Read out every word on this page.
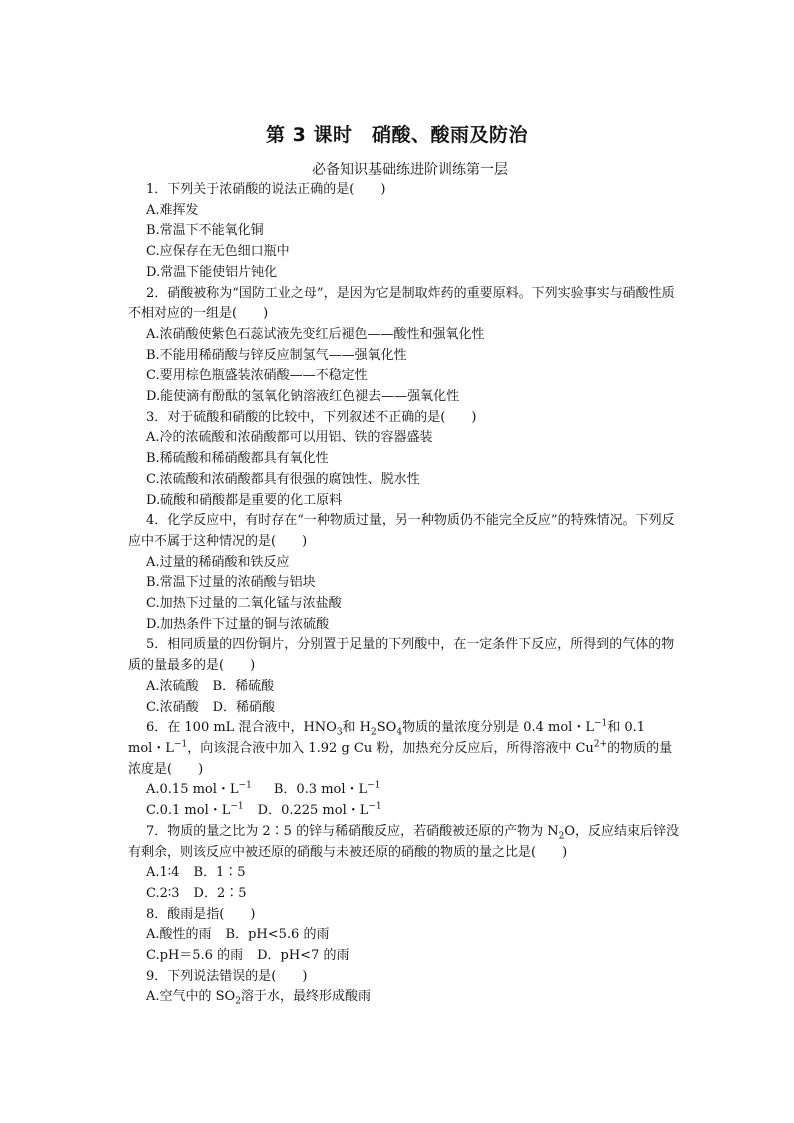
第 3 课时　硝酸、酸雨及防治
必备知识基础练进阶训练第一层

1．下列关于浓硝酸的说法正确的是(　　)

A.难挥发

B.常温下不能氧化铜

C.应保存在无色细口瓶中

D.常温下能使铝片钝化

2．硝酸被称为“国防工业之母”，是因为它是制取炸药的重要原料。下列实验事实与硝酸性质不相对应的一组是(　　)

A.浓硝酸使紫色石蕊试液先变红后褪色——酸性和强氧化性

B.不能用稀硝酸与锌反应制氢气——强氧化性

C.要用棕色瓶盛装浓硝酸——不稳定性

D.能使滴有酚酞的氢氧化钠溶液红色褪去——强氧化性

3．对于硫酸和硝酸的比较中，下列叙述不正确的是(　　)

A.冷的浓硫酸和浓硝酸都可以用铝、铁的容器盛装

B.稀硫酸和稀硝酸都具有氧化性

C.浓硫酸和浓硝酸都具有很强的腐蚀性、脱水性

D.硫酸和硝酸都是重要的化工原料

4．化学反应中，有时存在“一种物质过量，另一种物质仍不能完全反应”的特殊情况。下列反应中不属于这种情况的是(　　)

A.过量的稀硝酸和铁反应

B.常温下过量的浓硝酸与铝块

C.加热下过量的二氧化锰与浓盐酸

D.加热条件下过量的铜与浓硫酸

5．相同质量的四份铜片，分别置于足量的下列酸中，在一定条件下反应，所得到的气体的物质的量最多的是(　　)

A.浓硫酸 B．稀硫酸

C.浓硝酸 D．稀硝酸

6．在 100 mL 混合液中，$HNO_3$和 $H_2SO_4$物质的量浓度分别是 0.4 mol・$L^{-1}$和 0.1 mol・$L^{-1}$，向该混合液中加入 1.92 g Cu 粉，加热充分反应后，所得溶液中 $Cu^{2+}$的物质的量浓度是(　　)

A.0.15 mol・$L^{-1}$ B．0.3 mol・$L^{-1}$

C.0.1 mol・$L^{-1}$ D．0.225 mol・$L^{-1}$

7．物质的量之比为 2∶5 的锌与稀硝酸反应，若硝酸被还原的产物为 $N_2O$，反应结束后锌没有剩余，则该反应中被还原的硝酸与未被还原的硝酸的物质的量之比是(　　)

A.1∶4 B．1∶5

C.2∶3 D．2∶5

8．酸雨是指(　　)

A.酸性的雨 B．pH<5.6 的雨

C.pH＝5.6 的雨 D．pH<7 的雨

9．下列说法错误的是(　　)

A.空气中的 $SO_2$溶于水，最终形成酸雨
